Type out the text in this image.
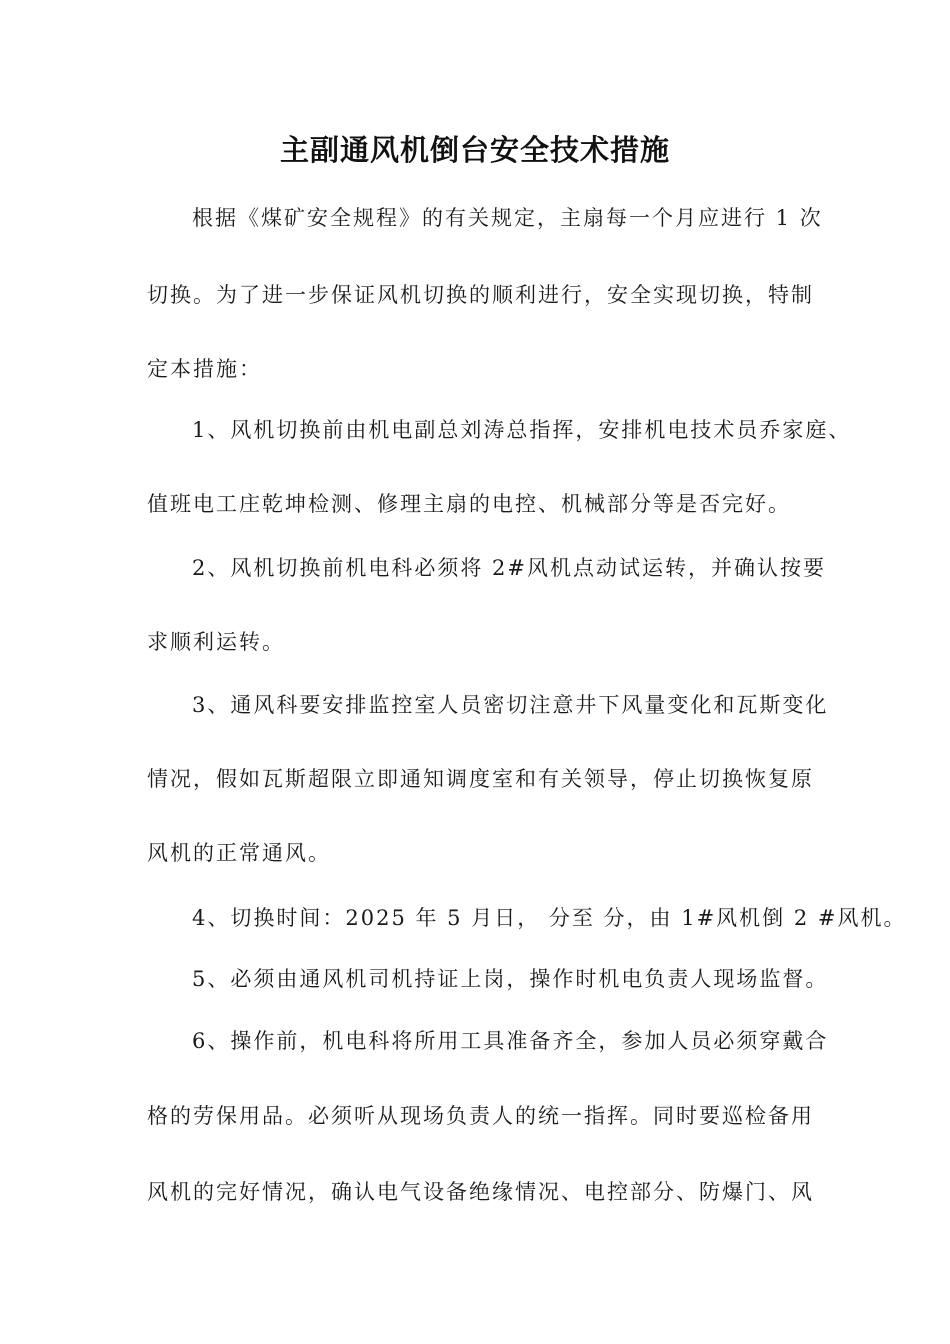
主副通风机倒台安全技术措施
根据《煤矿安全规程》的有关规定，主扇每一个月应进行 1 次
切换。为了进一步保证风机切换的顺利进行，安全实现切换，特制
定本措施：
1、风机切换前由机电副总刘涛总指挥，安排机电技术员乔家庭、
值班电工庄乾坤检测、修理主扇的电控、机械部分等是否完好。
2、风机切换前机电科必须将 2#风机点动试运转，并确认按要
求顺利运转。
3、通风科要安排监控室人员密切注意井下风量变化和瓦斯变化
情况，假如瓦斯超限立即通知调度室和有关领导，停止切换恢复原
风机的正常通风。
4、切换时间：2025 年 5 月日， 分至 分，由 1#风机倒 2 #风机。
5、必须由通风机司机持证上岗，操作时机电负责人现场监督。
6、操作前，机电科将所用工具准备齐全，参加人员必须穿戴合
格的劳保用品。必须听从现场负责人的统一指挥。同时要巡检备用
风机的完好情况，确认电气设备绝缘情况、电控部分、防爆门、风
